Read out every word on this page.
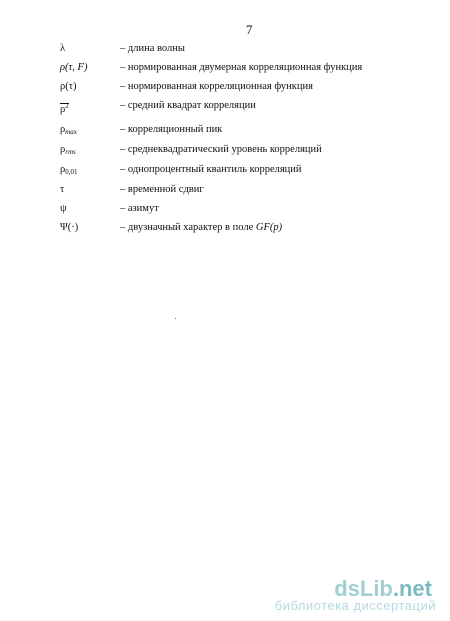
7
λ	– длина волны
ρ(τ, F)	– нормированная двумерная корреляционная функция
ρ(τ)	– нормированная корреляционная функция
$\rho^2$	– средний квадрат корреляции
$\rho_{max}$	– корреляционный пик
$\rho_{rms}$	– среднеквадратический уровень корреляций
ρ0,01	– однопроцентный квантиль корреляций
τ	– временной сдвиг
ψ	– азимут
Ψ(·)	– двузначный характер в поле GF(p)
dsLib.net
библиотека диссертаций
